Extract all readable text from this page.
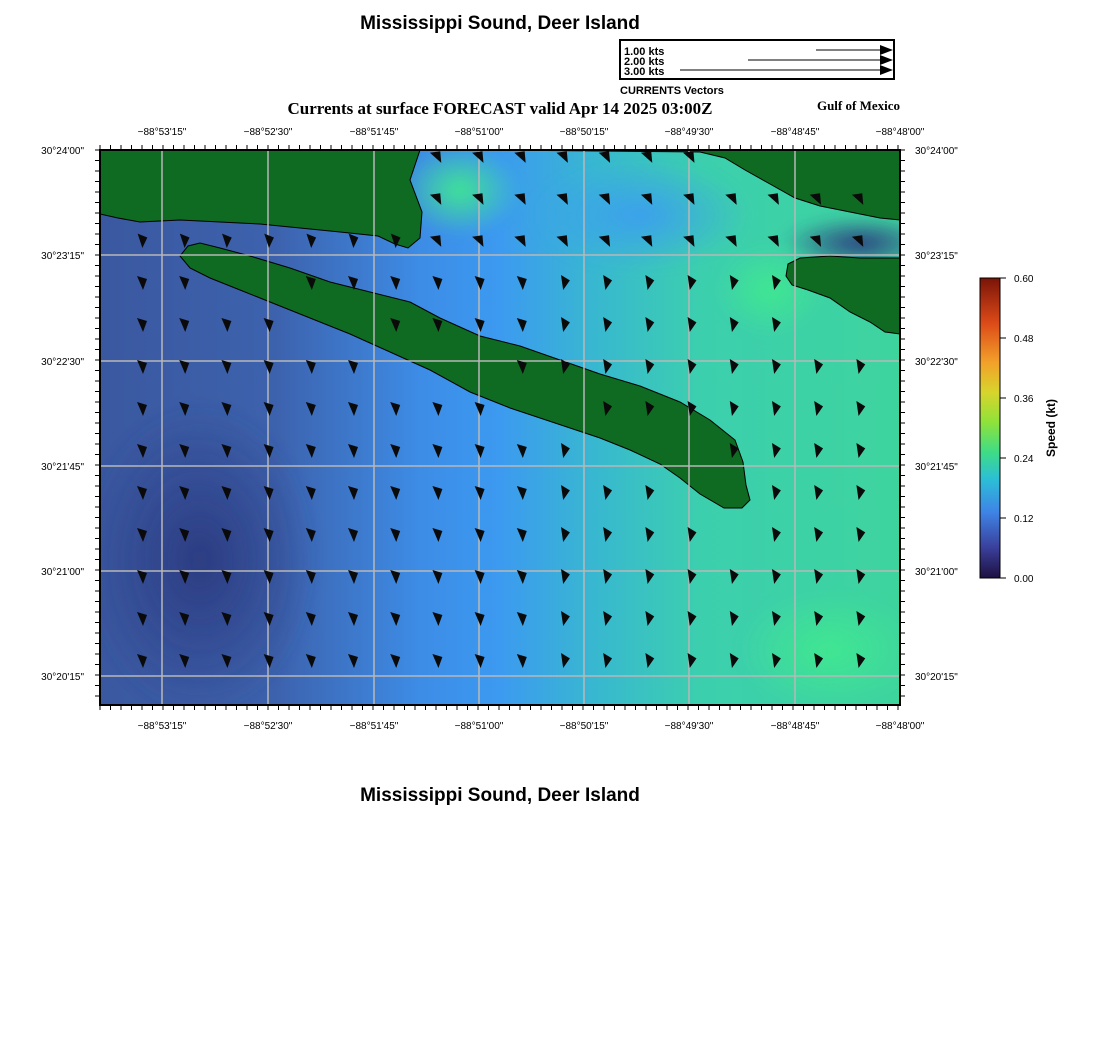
Mississippi Sound, Deer Island
Currents at surface FORECAST valid Apr 14 2025 03:00Z	Gulf of Mexico
1.00 kts
2.00 kts
3.00 kts
CURRENTS Vectors
−88°53'15"	−88°52'30"	−88°51'45"	−88°51'00"	−88°50'15"	−88°49'30"	−88°48'45"	−88°48'00"
−88°53'15"	−88°52'30"	−88°51'45"	−88°51'00"	−88°50'15"	−88°49'30"	−88°48'45"	−88°48'00"
30°24'00"
30°23'15"
30°22'30"
30°21'45"
30°21'00"
30°20'15"
30°24'00"
30°23'15"
30°22'30"
30°21'45"
30°21'00"
30°20'15"
0.60
0.48
0.36
0.24
0.12
0.00
Speed (kt)
Mississippi Sound, Deer Island
